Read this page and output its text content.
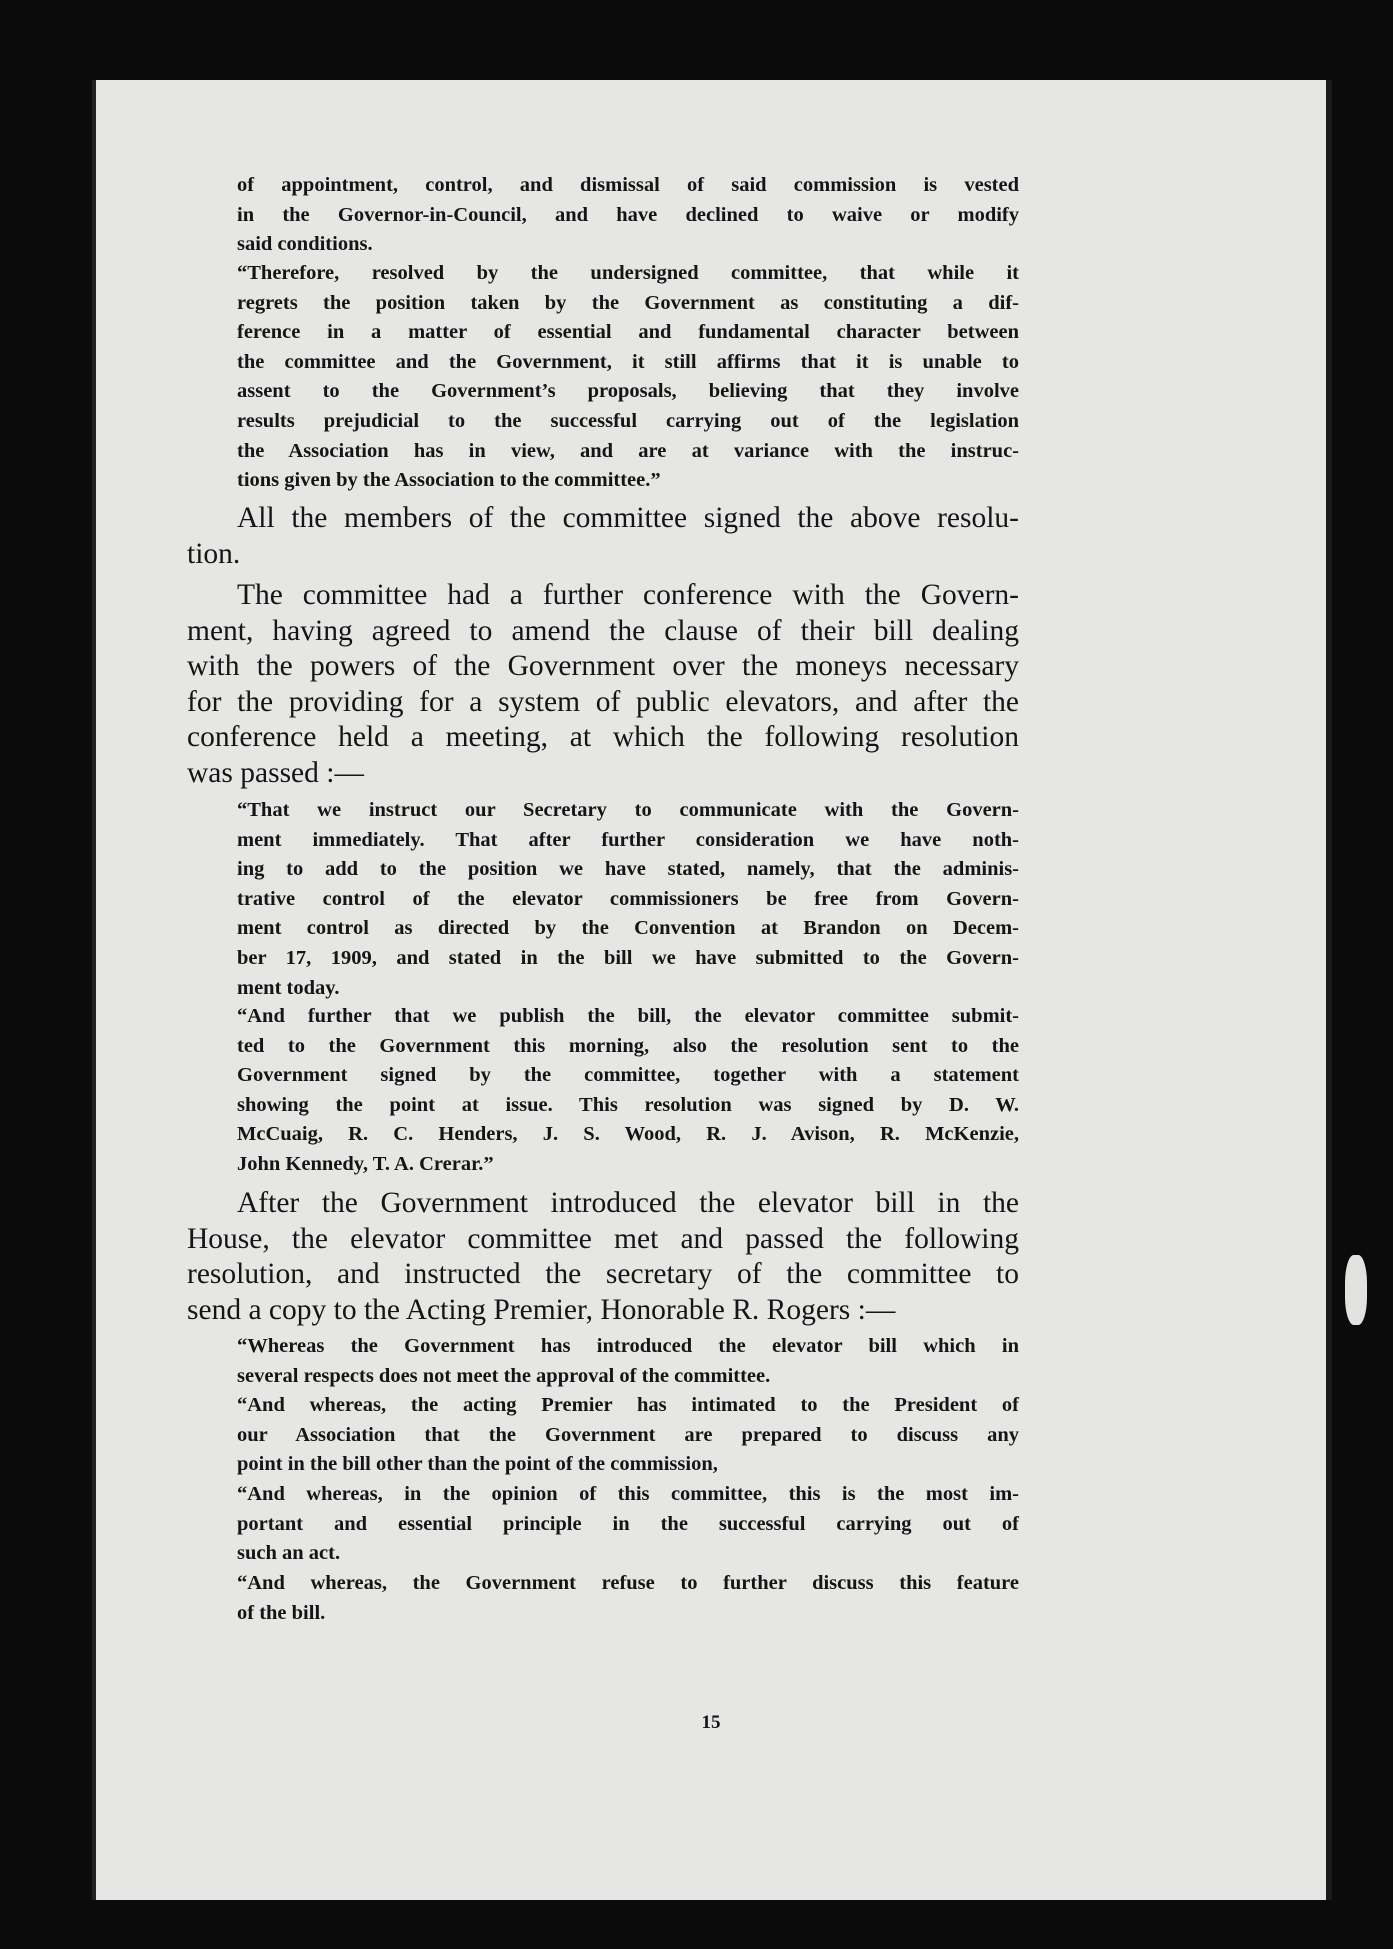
of appointment, control, and dismissal of said commission is vested
in the Governor-in-Council, and have declined to waive or modify
said conditions.
“Therefore, resolved by the undersigned committee, that while it
regrets the position taken by the Government as constituting a dif-
ference in a matter of essential and fundamental character between
the committee and the Government, it still affirms that it is unable to
assent to the Government’s proposals, believing that they involve
results prejudicial to the successful carrying out of the legislation
the Association has in view, and are at variance with the instruc-
tions given by the Association to the committee.”
All the members of the committee signed the above resolu-
tion.
The committee had a further conference with the Govern-
ment, having agreed to amend the clause of their bill dealing
with the powers of the Government over the moneys necessary
for the providing for a system of public elevators, and after the
conference held a meeting, at which the following resolution
was passed :—
“That we instruct our Secretary to communicate with the Govern-
ment immediately. That after further consideration we have noth-
ing to add to the position we have stated, namely, that the adminis-
trative control of the elevator commissioners be free from Govern-
ment control as directed by the Convention at Brandon on Decem-
ber 17, 1909, and stated in the bill we have submitted to the Govern-
ment today.
“And further that we publish the bill, the elevator committee submit-
ted to the Government this morning, also the resolution sent to the
Government signed by the committee, together with a statement
showing the point at issue. This resolution was signed by D. W.
McCuaig, R. C. Henders, J. S. Wood, R. J. Avison, R. McKenzie,
John Kennedy, T. A. Crerar.”
After the Government introduced the elevator bill in the
House, the elevator committee met and passed the following
resolution, and instructed the secretary of the committee to
send a copy to the Acting Premier, Honorable R. Rogers :—
“Whereas the Government has introduced the elevator bill which in
several respects does not meet the approval of the committee.
“And whereas, the acting Premier has intimated to the President of
our Association that the Government are prepared to discuss any
point in the bill other than the point of the commission,
“And whereas, in the opinion of this committee, this is the most im-
portant and essential principle in the successful carrying out of
such an act.
“And whereas, the Government refuse to further discuss this feature
of the bill.
15
